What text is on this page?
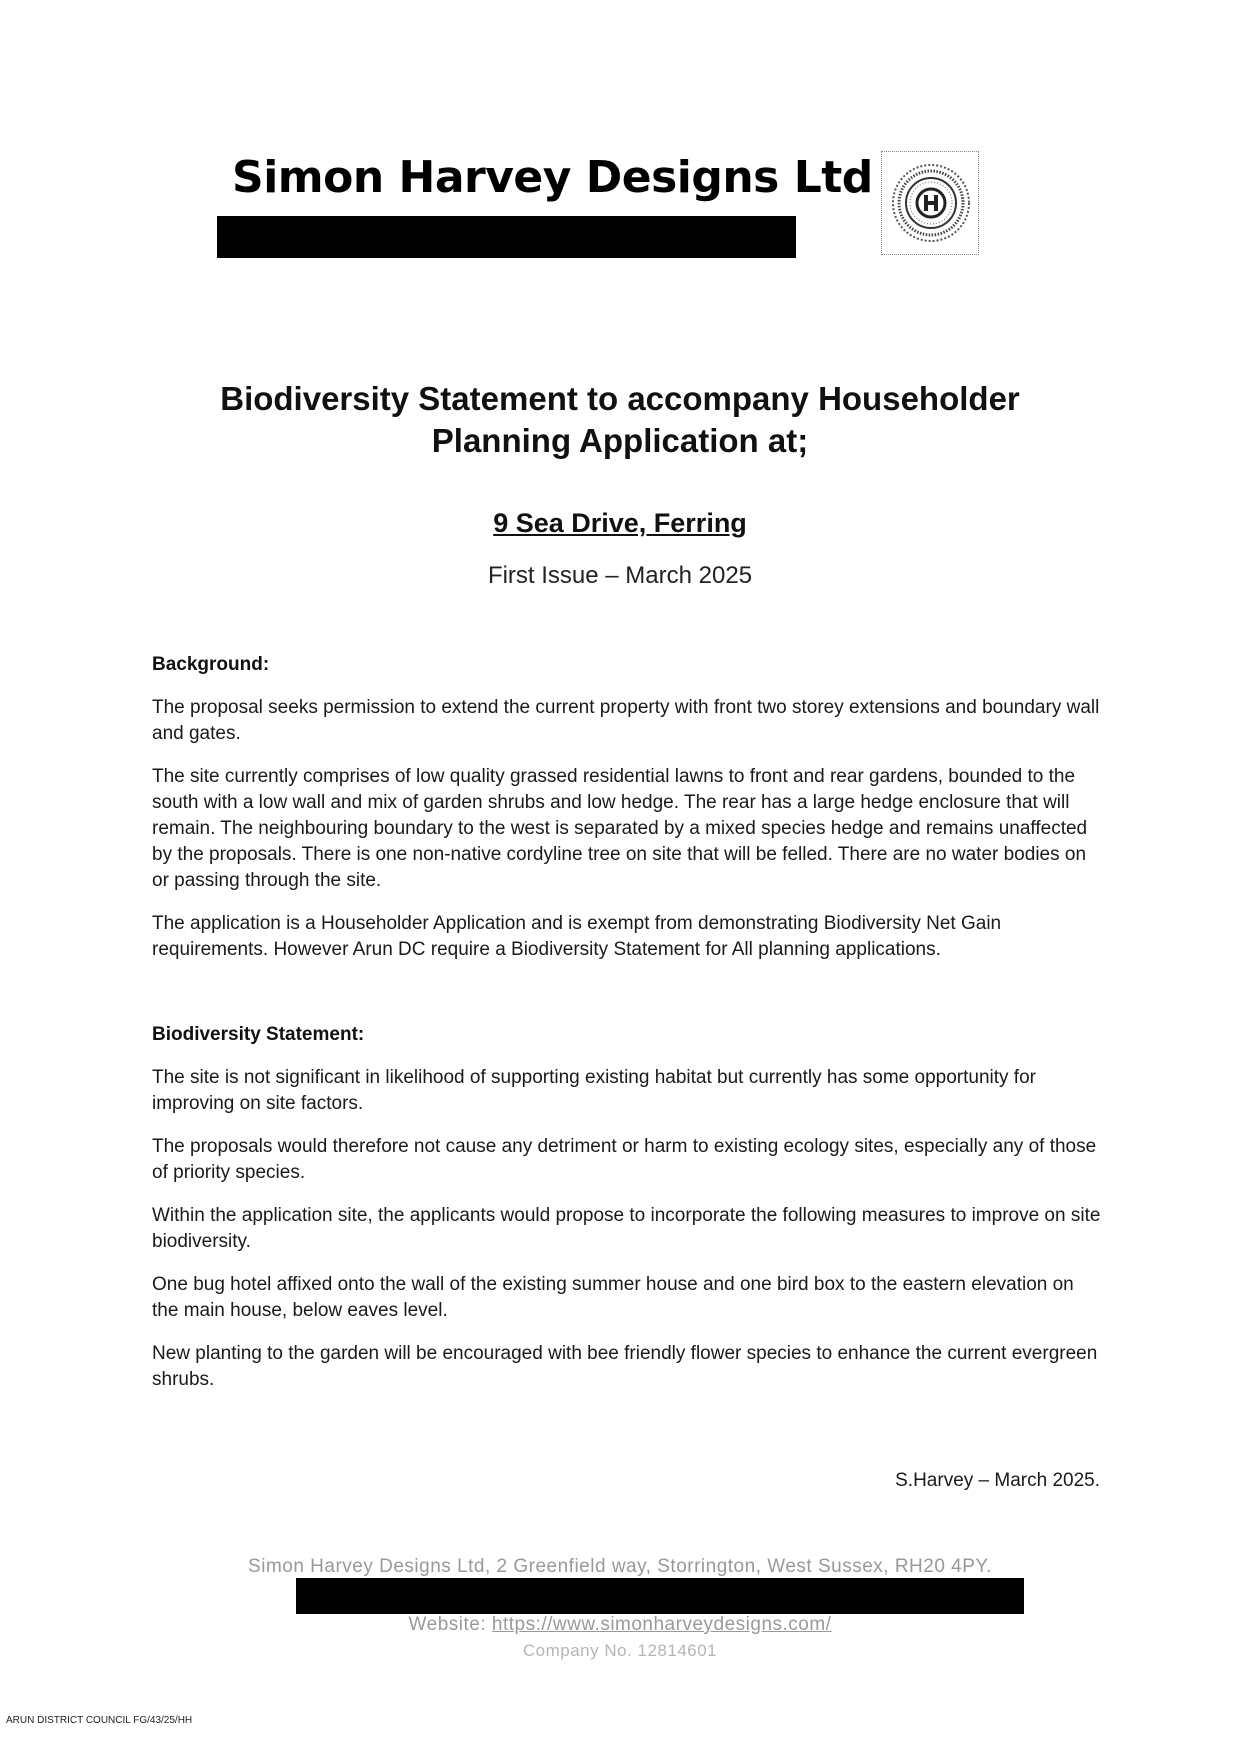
Simon Harvey Designs Ltd
Biodiversity Statement to accompany Householder
Planning Application at;
9 Sea Drive, Ferring
First Issue – March 2025
Background:

The proposal seeks permission to extend the current property with front two storey extensions and boundary wall and gates.

The site currently comprises of low quality grassed residential lawns to front and rear gardens, bounded to the south with a low wall and mix of garden shrubs and low hedge. The rear has a large hedge enclosure that will remain. The neighbouring boundary to the west is separated by a mixed species hedge and remains unaffected by the proposals. There is one non-native cordyline tree on site that will be felled. There are no water bodies on or passing through the site.

The application is a Householder Application and is exempt from demonstrating Biodiversity Net Gain requirements. However Arun DC require a Biodiversity Statement for All planning applications.

Biodiversity Statement:

The site is not significant in likelihood of supporting existing habitat but currently has some opportunity for improving on site factors.

The proposals would therefore not cause any detriment or harm to existing ecology sites, especially any of those of priority species.

Within the application site, the applicants would propose to incorporate the following measures to improve on site biodiversity.

One bug hotel affixed onto the wall of the existing summer house and one bird box to the eastern elevation on the main house, below eaves level.

New planting to the garden will be encouraged with bee friendly flower species to enhance the current evergreen shrubs.

S.Harvey – March 2025.
Simon Harvey Designs Ltd, 2 Greenfield way, Storrington, West Sussex, RH20 4PY.
Website: https://www.simonharveydesigns.com/
Company No. 12814601
ARUN DISTRICT COUNCIL FG/43/25/HH
